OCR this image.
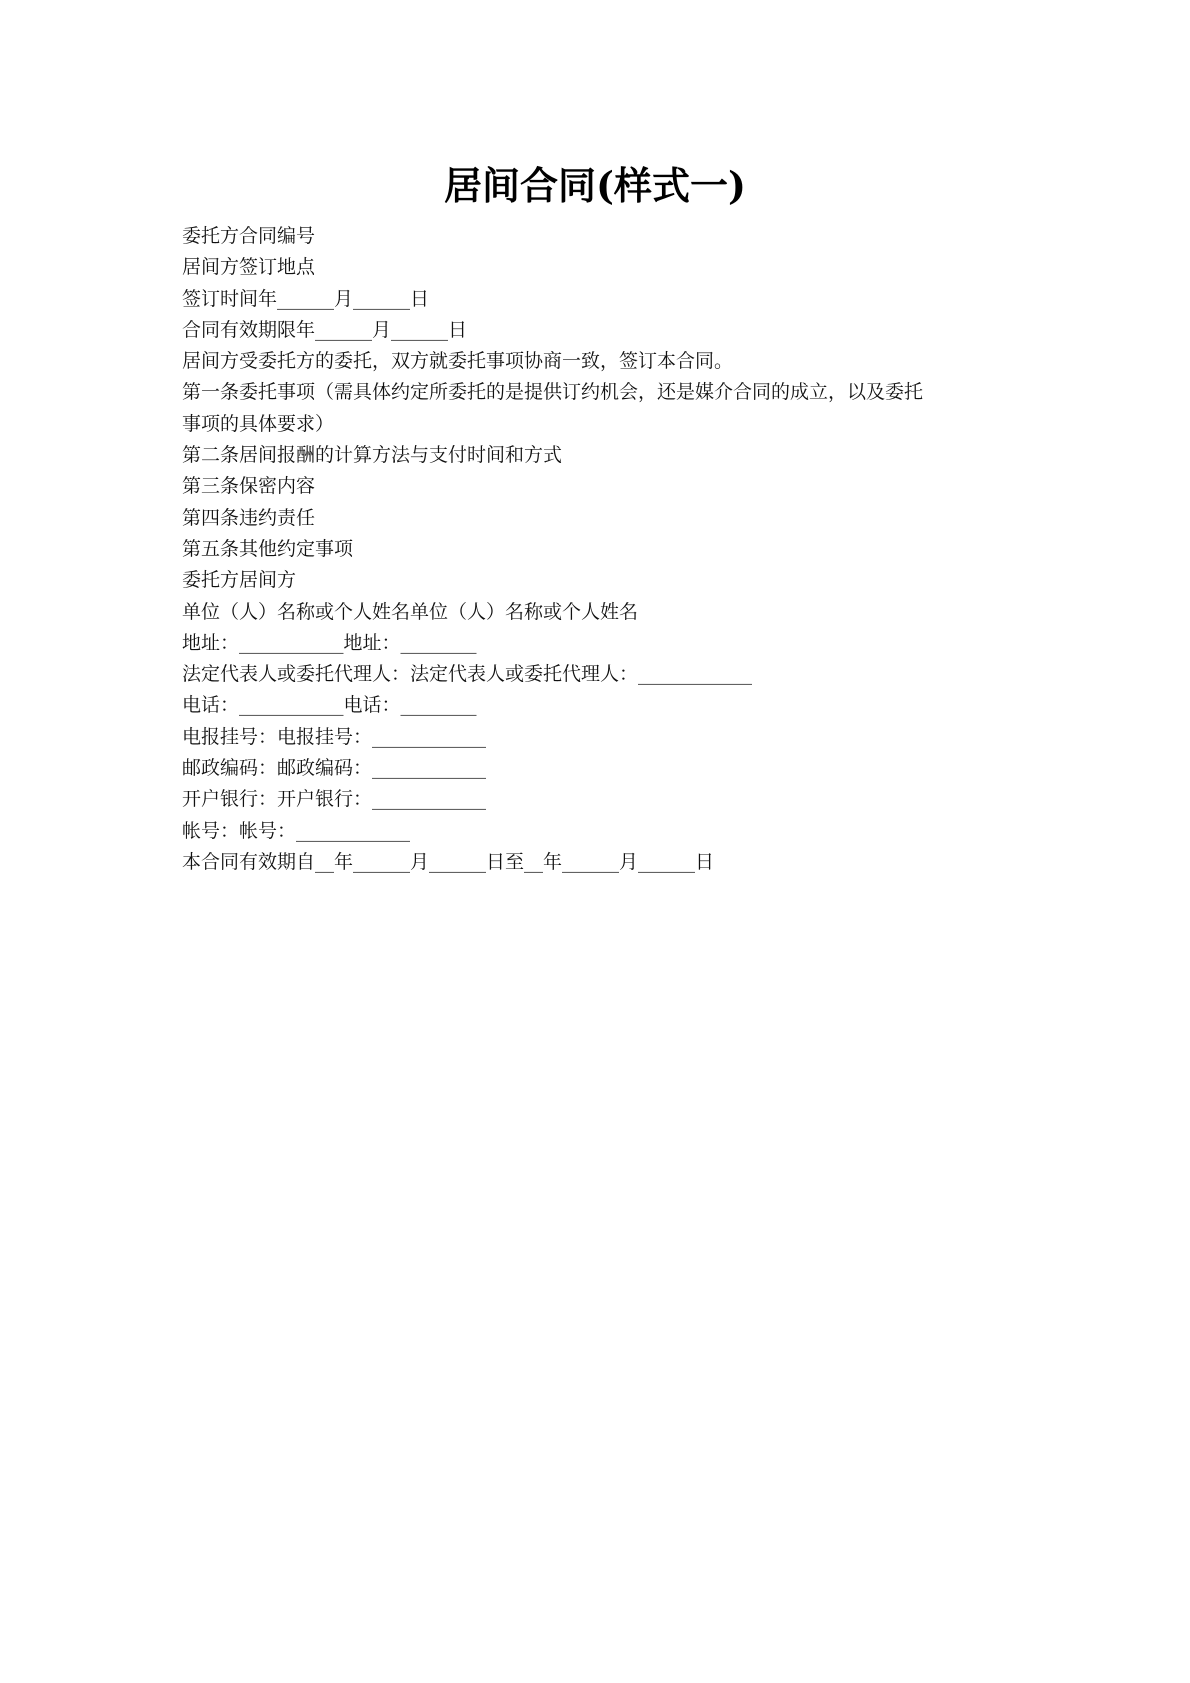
居间合同(样式一)
委托方合同编号
居间方签订地点
签订时间年______月______日
合同有效期限年______月______日
居间方受委托方的委托，双方就委托事项协商一致，签订本合同。
第一条委托事项（需具体约定所委托的是提供订约机会，还是媒介合同的成立，以及委托
事项的具体要求）
第二条居间报酬的计算方法与支付时间和方式
第三条保密内容
第四条违约责任
第五条其他约定事项
委托方居间方
单位（人）名称或个人姓名单位（人）名称或个人姓名
地址：___________地址：________
法定代表人或委托代理人：法定代表人或委托代理人：____________
电话：___________电话：________
电报挂号：电报挂号：____________
邮政编码：邮政编码：____________
开户银行：开户银行：____________
帐号：帐号：____________
本合同有效期自__年______月______日至__年______月______日
